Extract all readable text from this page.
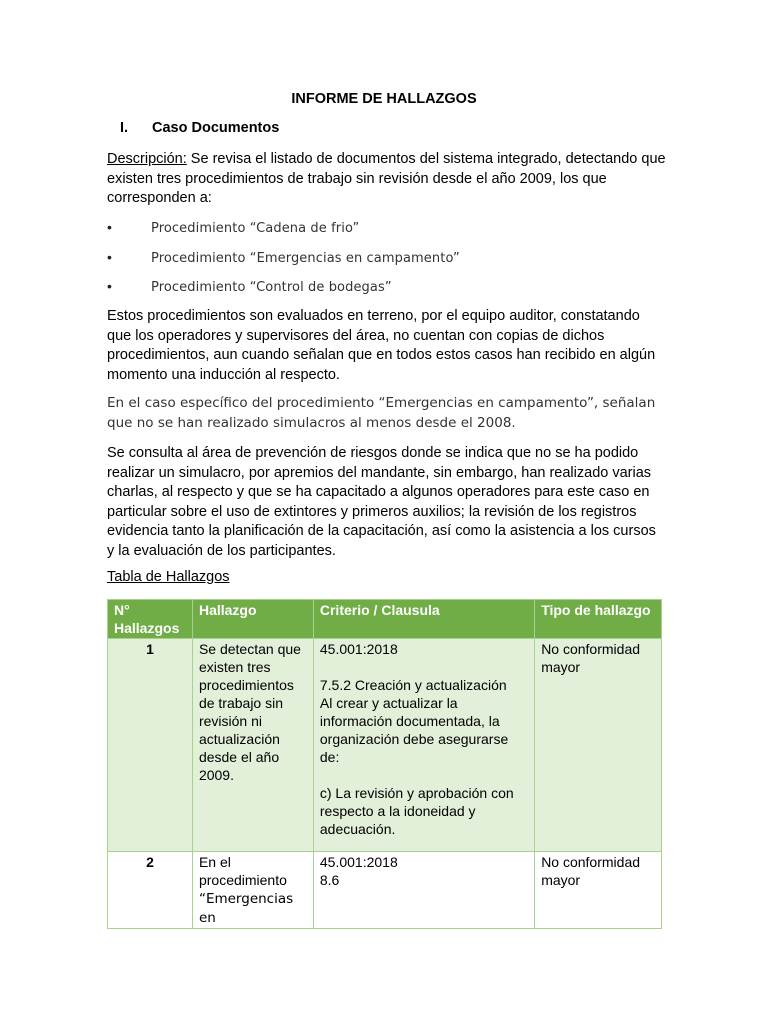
INFORME DE HALLAZGOS
I. Caso Documentos

Descripción: Se revisa el listado de documentos del sistema integrado, detectando que existen tres procedimientos de trabajo sin revisión desde el año 2009, los que corresponden a:

•	Procedimiento “Cadena de frio”
•	Procedimiento “Emergencias en campamento”
•	Procedimiento “Control de bodegas”

Estos procedimientos son evaluados en terreno, por el equipo auditor, constatando que los operadores y supervisores del área, no cuentan con copias de dichos procedimientos, aun cuando señalan que en todos estos casos han recibido en algún momento una inducción al respecto.

En el caso específico del procedimiento “Emergencias en campamento”, señalan que no se han realizado simulacros al menos desde el 2008.

Se consulta al área de prevención de riesgos donde se indica que no se ha podido realizar un simulacro, por apremios del mandante, sin embargo, han realizado varias charlas, al respecto y que se ha capacitado a algunos operadores para este caso en particular sobre el uso de extintores y primeros auxilios; la revisión de los registros evidencia tanto la planificación de la capacitación, así como la asistencia a los cursos y la evaluación de los participantes.

Tabla de Hallazgos
N° Hallazgos	Hallazgo	Criterio / Clausula	Tipo de hallazgo
1	Se detectan que existen tres procedimientos de trabajo sin revisión ni actualización desde el año 2009.	45.001:2018

7.5.2 Creación y actualización
Al crear y actualizar la información documentada, la organización debe asegurarse de:

c) La revisión y aprobación con respecto a la idoneidad y adecuación.	No conformidad mayor
2	En el procedimiento
“Emergencias en	45.001:2018
8.6	No conformidad mayor
